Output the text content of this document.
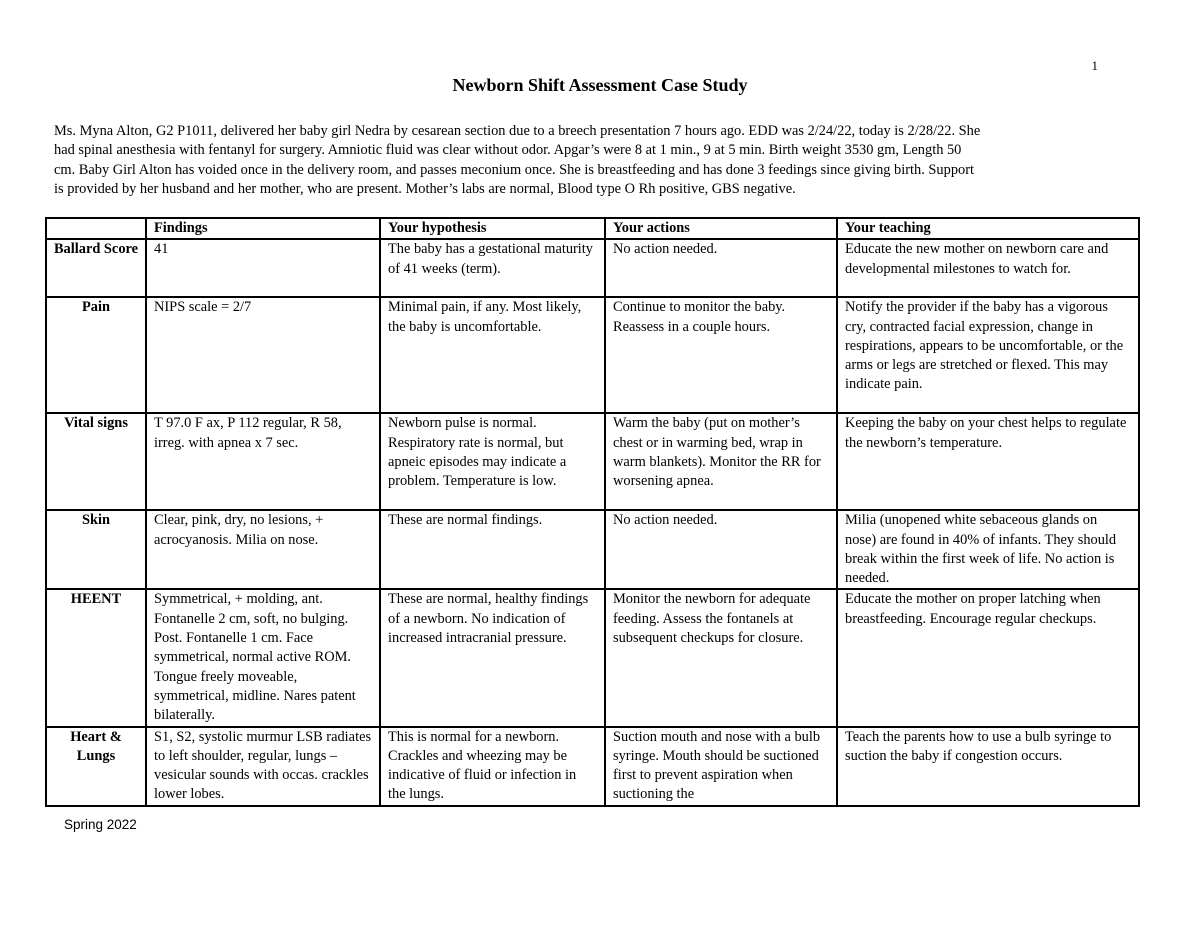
1
Newborn Shift Assessment Case Study

Ms. Myna Alton, G2 P1011, delivered her baby girl Nedra by cesarean section due to a breech presentation 7 hours ago. EDD was 2/24/22, today is 2/28/22. She
had spinal anesthesia with fentanyl for surgery. Amniotic fluid was clear without odor. Apgar’s were 8 at 1 min., 9 at 5 min. Birth weight 3530 gm, Length 50
cm. Baby Girl Alton has voided once in the delivery room, and passes meconium once. She is breastfeeding and has done 3 feedings since giving birth. Support
is provided by her husband and her mother, who are present. Mother’s labs are normal, Blood type O Rh positive, GBS negative.

	Findings	Your hypothesis	Your actions	Your teaching
Ballard Score	41	The baby has a gestational maturity of 41 weeks (term).	No action needed.	Educate the new mother on newborn care and developmental milestones to watch for.
Pain	NIPS scale = 2/7	Minimal pain, if any. Most likely, the baby is uncomfortable.	Continue to monitor the baby. Reassess in a couple hours.	Notify the provider if the baby has a vigorous cry, contracted facial expression, change in respirations, appears to be uncomfortable, or the arms or legs are stretched or flexed. This may indicate pain.
Vital signs	T 97.0 F ax, P 112 regular, R 58, irreg. with apnea x 7 sec.	Newborn pulse is normal. Respiratory rate is normal, but apneic episodes may indicate a problem. Temperature is low.	Warm the baby (put on mother’s chest or in warming bed, wrap in warm blankets). Monitor the RR for worsening apnea.	Keeping the baby on your chest helps to regulate the newborn’s temperature.
Skin	Clear, pink, dry, no lesions, + acrocyanosis. Milia on nose.	These are normal findings.	No action needed.	Milia (unopened white sebaceous glands on nose) are found in 40% of infants. They should break within the first week of life. No action is needed.
HEENT	Symmetrical, + molding, ant. Fontanelle 2 cm, soft, no bulging. Post. Fontanelle 1 cm. Face symmetrical, normal active ROM. Tongue freely moveable, symmetrical, midline. Nares patent bilaterally.	These are normal, healthy findings of a newborn. No indication of increased intracranial pressure.	Monitor the newborn for adequate feeding. Assess the fontanels at subsequent checkups for closure.	Educate the mother on proper latching when breastfeeding. Encourage regular checkups.

Heart & Lungs	S1, S2, systolic murmur LSB radiates to left shoulder, regular, lungs – vesicular sounds with occas. crackles lower lobes.	This is normal for a newborn. Crackles and wheezing may be indicative of fluid or infection in the lungs.	Suction mouth and nose with a bulb syringe. Mouth should be suctioned first to prevent aspiration when suctioning the	Teach the parents how to use a bulb syringe to suction the baby if congestion occurs.
Spring 2022
